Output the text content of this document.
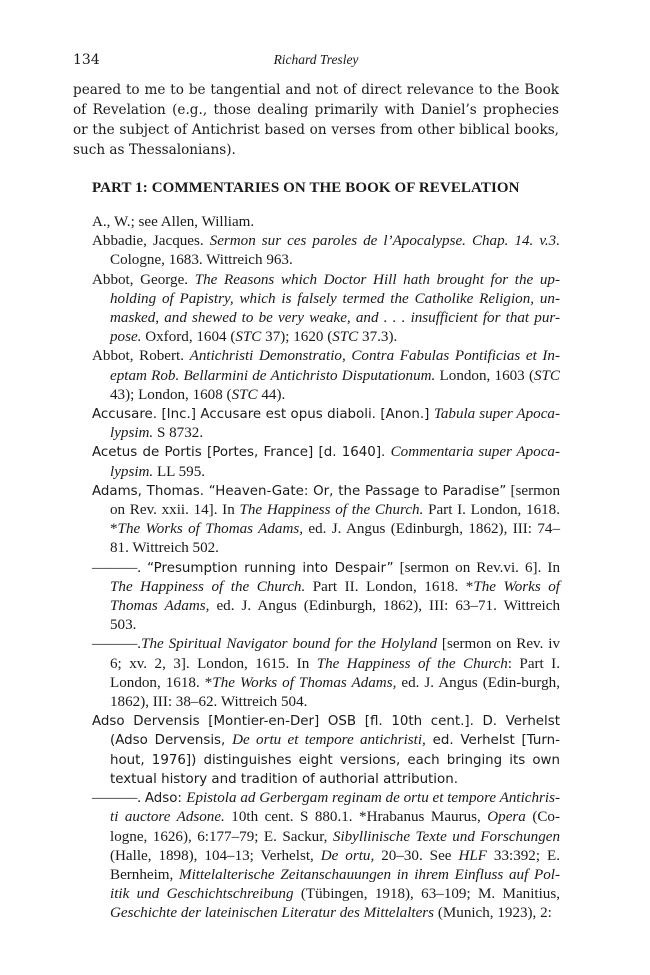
134	Richard Tresley

peared to me to be tangential and not of direct relevance to the Book of Revelation (e.g., those dealing primarily with Daniel’s prophecies or the subject of Antichrist based on verses from other biblical books, such as Thessalonians).

PART 1: COMMENTARIES ON THE BOOK OF REVELATION

A., W.; see Allen, William.

Abbadie, Jacques. Sermon sur ces paroles de l’Apocalypse. Chap. 14. v.3. Cologne, 1683. Wittreich 963.

Abbot, George. The Reasons which Doctor Hill hath brought for the up-holding of Papistry, which is falsely termed the Catholike Religion, un-masked, and shewed to be very weake, and . . . insufficient for that pur-pose. Oxford, 1604 (STC 37); 1620 (STC 37.3).

Abbot, Robert. Antichristi Demonstratio, Contra Fabulas Pontificias et In-eptam Rob. Bellarmini de Antichristo Disputationum. London, 1603 (STC 43); London, 1608 (STC 44).

Accusare. [Inc.] Accusare est opus diaboli. [Anon.] Tabula super Apoca-lypsim. S 8732.

Acetus de Portis [Portes, France] [d. 1640]. Commentaria super Apoca-lypsim. LL 595.

Adams, Thomas. “Heaven-Gate: Or, the Passage to Paradise” [sermon on Rev. xxii. 14]. In The Happiness of the Church. Part I. London, 1618. *The Works of Thomas Adams, ed. J. Angus (Edinburgh, 1862), III: 74–81. Wittreich 502.

———. “Presumption running into Despair” [sermon on Rev.vi. 6]. In The Happiness of the Church. Part II. London, 1618. *The Works of Thomas Adams, ed. J. Angus (Edinburgh, 1862), III: 63–71. Wittreich 503.

———.The Spiritual Navigator bound for the Holyland [sermon on Rev. iv 6; xv. 2, 3]. London, 1615. In The Happiness of the Church: Part I. London, 1618. *The Works of Thomas Adams, ed. J. Angus (Edin-burgh, 1862), III: 38–62. Wittreich 504.

Adso Dervensis [Montier-en-Der] OSB [fl. 10th cent.]. D. Verhelst (Adso Dervensis, De ortu et tempore antichristi, ed. Verhelst [Turn-hout, 1976]) distinguishes eight versions, each bringing its own textual history and tradition of authorial attribution.

———. Adso: Epistola ad Gerbergam reginam de ortu et tempore Antichris-ti auctore Adsone. 10th cent. S 880.1. *Hrabanus Maurus, Opera (Co-logne, 1626), 6:177–79; E. Sackur, Sibyllinische Texte und Forschungen (Halle, 1898), 104–13; Verhelst, De ortu, 20–30. See HLF 33:392; E. Bernheim, Mittelalterische Zeitanschauungen in ihrem Einfluss auf Pol-itik und Geschichtschreibung (Tübingen, 1918), 63–109; M. Manitius, Geschichte der lateinischen Literatur des Mittelalters (Munich, 1923), 2:
